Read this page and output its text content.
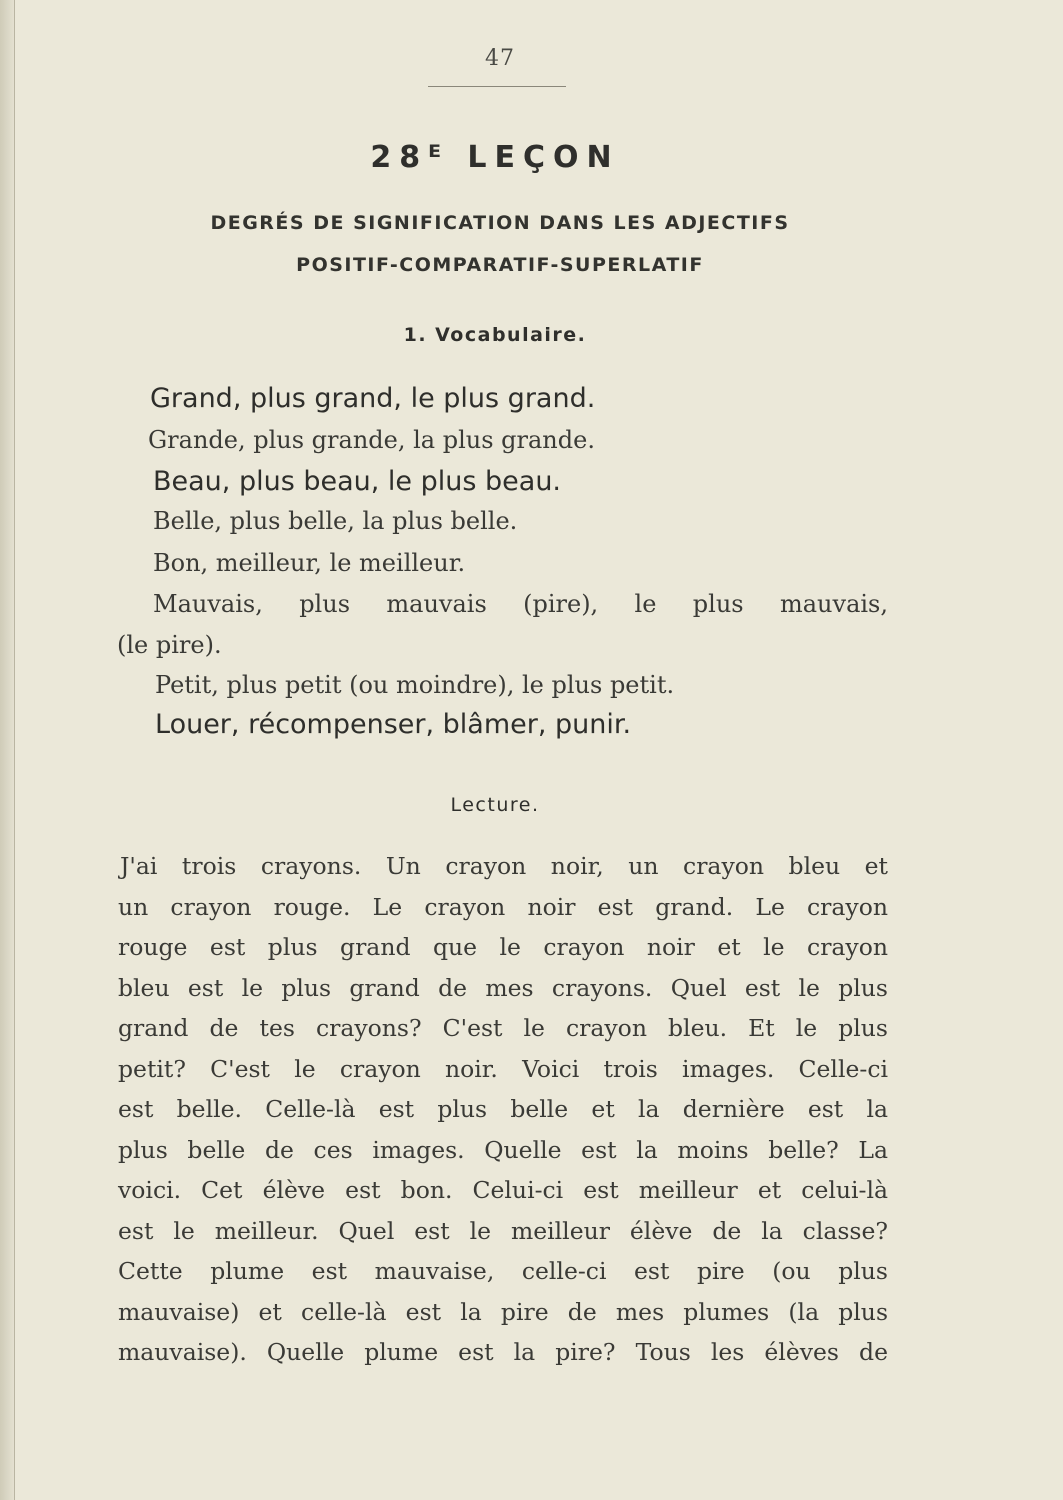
47
28ᴱ LEÇON
DEGRÉS DE SIGNIFICATION DANS LES ADJECTIFS
POSITIF-COMPARATIF-SUPERLATIF
1. Vocabulaire.
Grand, plus grand, le plus grand.
Grande, plus grande, la plus grande.
Beau, plus beau, le plus beau.
Belle, plus belle, la plus belle.
Bon, meilleur, le meilleur.
Mauvais, plus mauvais (pire), le plus mauvais,
(le pire).
Petit, plus petit (ou moindre), le plus petit.
Louer, récompenser, blâmer, punir.
Lecture.
J'ai trois crayons. Un crayon noir, un crayon bleu et
un crayon rouge. Le crayon noir est grand. Le crayon
rouge est plus grand que le crayon noir et le crayon
bleu est le plus grand de mes crayons. Quel est le plus
grand de tes crayons? C'est le crayon bleu. Et le plus
petit? C'est le crayon noir. Voici trois images. Celle-ci
est belle. Celle-là est plus belle et la dernière est la
plus belle de ces images. Quelle est la moins belle? La
voici. Cet élève est bon. Celui-ci est meilleur et celui-là
est le meilleur. Quel est le meilleur élève de la classe?
Cette plume est mauvaise, celle-ci est pire (ou plus
mauvaise) et celle-là est la pire de mes plumes (la plus
mauvaise). Quelle plume est la pire? Tous les élèves de
